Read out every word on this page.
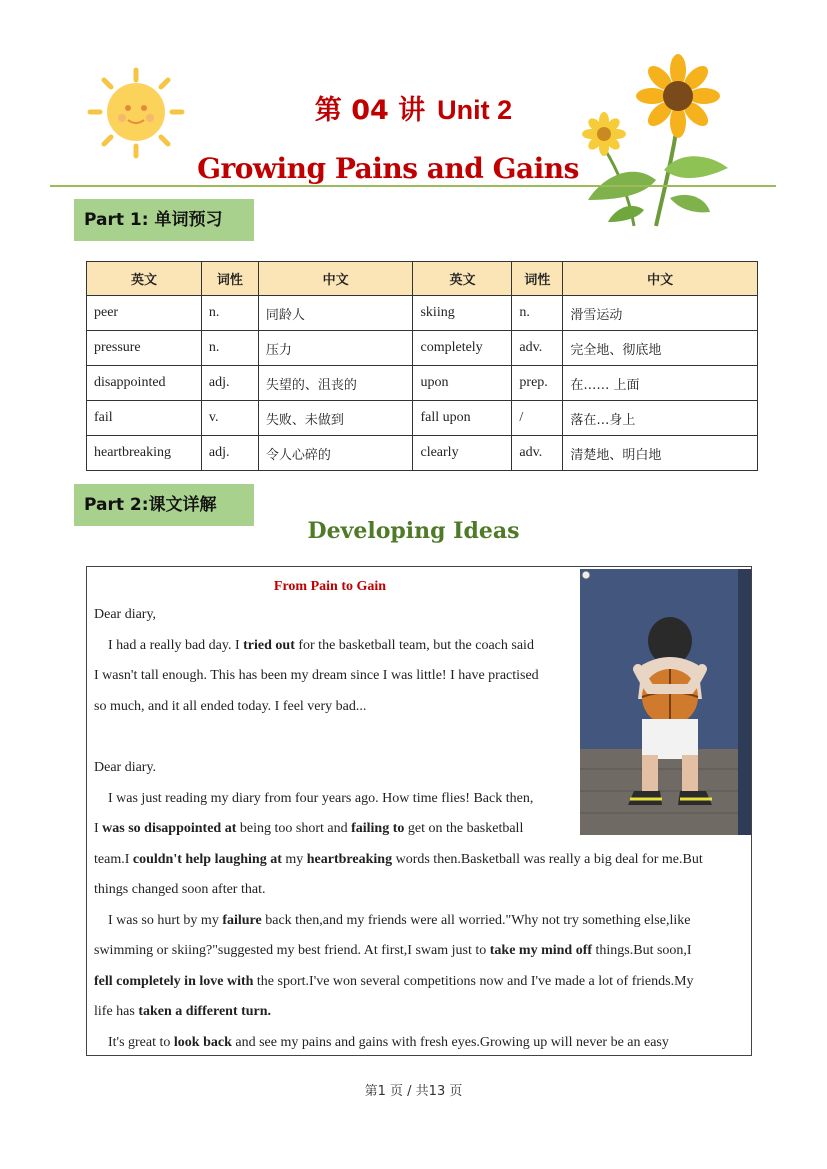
第 04 讲 Unit 2
Growing Pains and Gains
Part 1: 单词预习
英文	词性	中文	英文	词性	中文
peer	n.	同龄人	skiing	n.	滑雪运动
pressure	n.	压力	completely	adv.	完全地、彻底地
disappointed	adj.	失望的、沮丧的	upon	prep.	在…… 上面
fail	v.	失败、未做到	fall upon	/	落在…身上
heartbreaking	adj.	令人心碎的	clearly	adv.	清楚地、明白地
Part 2:课文详解
Developing Ideas
From Pain to Gain
Dear diary,
I had a really bad day. I tried out for the basketball team, but the coach said
I wasn't tall enough. This has been my dream since I was little! I have practised
so much, and it all ended today. I feel very bad...
Dear diary.
I was just reading my diary from four years ago. How time flies! Back then,
I was so disappointed at being too short and failing to get on the basketball
team.I couldn't help laughing at my heartbreaking words then.Basketball was really a big deal for me.But
things changed soon after that.
I was so hurt by my failure back then,and my friends were all worried."Why not try something else,like
swimming or skiing?"suggested my best friend. At first,I swam just to take my mind off things.But soon,I
fell completely in love with the sport.I've won several competitions now and I've made a lot of friends.My
life has taken a different turn.
It's great to look back and see my pains and gains with fresh eyes.Growing up will never be an easy
第1 页 / 共13 页
